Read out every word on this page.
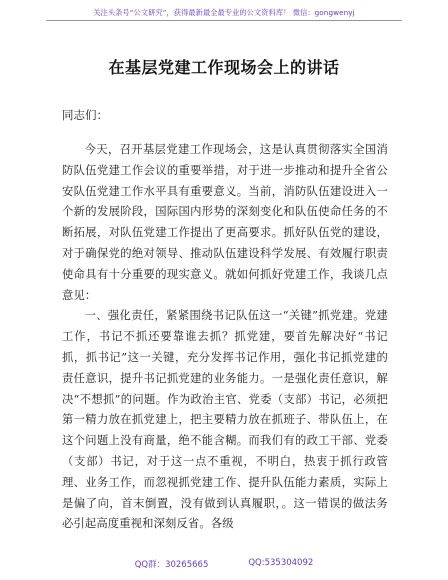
关注头条号“公文研究”，获得最新最全最专业的公文资料库！ 微信：gongwenyj
在基层党建工作现场会上的讲话
同志们：

今天，召开基层党建工作现场会，这是认真贯彻落实全国消防队伍党建工作会议的重要举措，对于进一步推动和提升全省公安队伍党建工作水平具有重要意义。当前，消防队伍建设进入一个新的发展阶段，国际国内形势的深刻变化和队伍使命任务的不断拓展，对队伍党建工作提出了更高要求。抓好队伍党的建设，对于确保党的绝对领导、推动队伍建设科学发展、有效履行职责使命具有十分重要的现实意义。就如何抓好党建工作，我谈几点意见：

一、强化责任，紧紧围绕书记队伍这一“关键”抓党建。党建工作，书记不抓还要靠谁去抓？抓党建，要首先解决好“书记抓，抓书记”这一关键，充分发挥书记作用，强化书记抓党建的责任意识，提升书记抓党建的业务能力。一是强化责任意识，解决“不想抓”的问题。作为政治主官、党委（支部）书记，必须把第一精力放在抓党建上，把主要精力放在抓班子、带队伍上，在这个问题上没有商量，绝不能含糊。而我们有的政工干部、党委（支部）书记，对于这一点不重视，不明白，热衷于抓行政管理、业务工作，而忽视抓党建工作、提升队伍能力素质，实际上是偏了向，首末倒置，没有做到认真履职，。这一错误的做法务必引起高度重视和深刻反省。各级

QQ群：30265665	QQ:535304092
